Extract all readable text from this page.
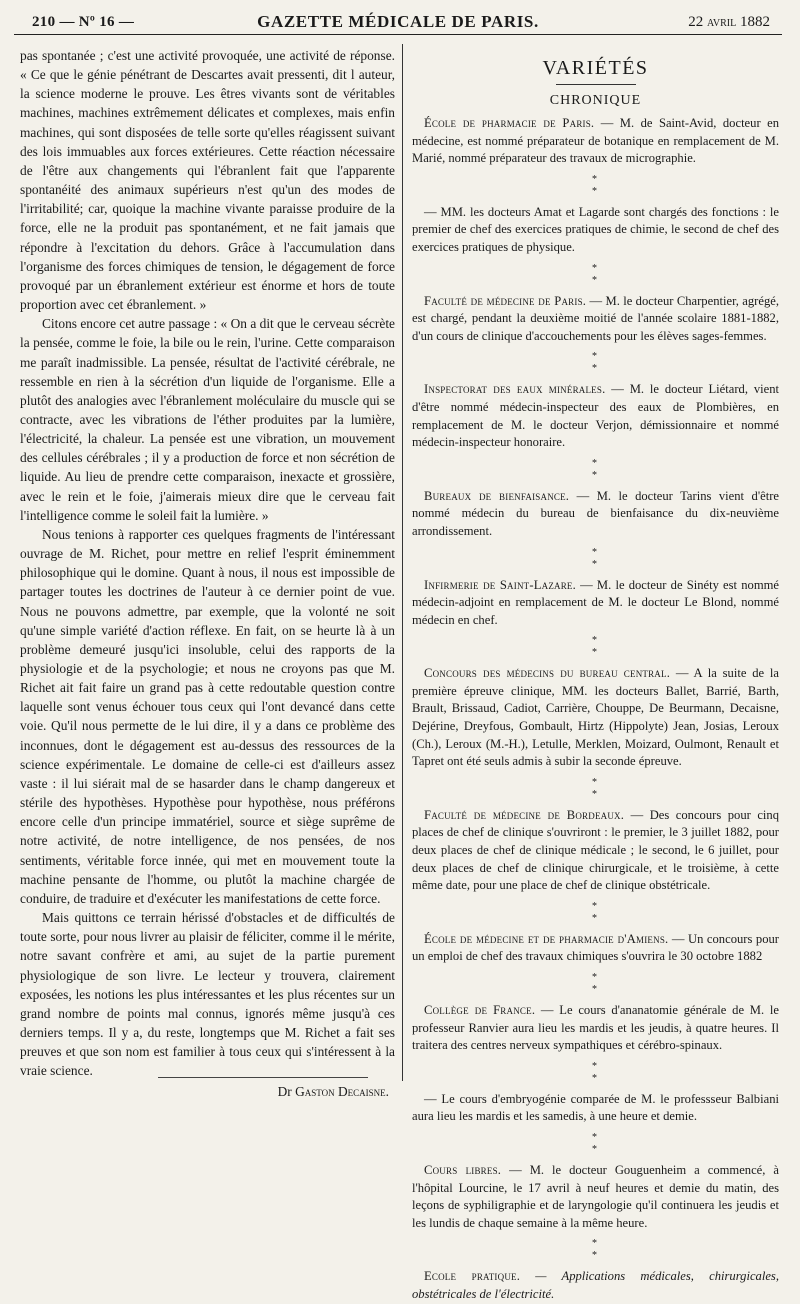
210 — Nº 16 —	GAZETTE MÉDICALE DE PARIS.	22 avril 1882

pas spontanée ; c'est une activité provoquée, une activité de réponse. « Ce que le génie pénétrant de Descartes avait pressenti, dit l auteur, la science moderne le prouve. Les êtres vivants sont de véritables machines, machines extrêmement délicates et complexes, mais enfin machines, qui sont disposées de telle sorte qu'elles réagissent suivant des lois immuables aux forces extérieures. Cette réaction nécessaire de l'être aux changements qui l'ébranlent fait que l'apparente spontanéité des animaux supérieurs n'est qu'un des modes de l'irritabilité; car, quoique la machine vivante paraisse produire de la force, elle ne la produit pas spontanément, et ne fait jamais que répondre à l'excitation du dehors. Grâce à l'accumulation dans l'organisme des forces chimiques de tension, le dégagement de force provoqué par un ébranlement extérieur est énorme et hors de toute proportion avec cet ébranlement. »

Citons encore cet autre passage : « On a dit que le cerveau sécrète la pensée, comme le foie, la bile ou le rein, l'urine. Cette comparaison me paraît inadmissible. La pensée, résultat de l'activité cérébrale, ne ressemble en rien à la sécrétion d'un liquide de l'organisme. Elle a plutôt des analogies avec l'ébranlement moléculaire du muscle qui se contracte, avec les vibrations de l'éther produites par la lumière, l'électricité, la chaleur. La pensée est une vibration, un mouvement des cellules cérébrales ; il y a production de force et non sécrétion de liquide. Au lieu de prendre cette comparaison, inexacte et grossière, avec le rein et le foie, j'aimerais mieux dire que le cerveau fait l'intelligence comme le soleil fait la lumière. »

Nous tenions à rapporter ces quelques fragments de l'intéressant ouvrage de M. Richet, pour mettre en relief l'esprit éminemment philosophique qui le domine. Quant à nous, il nous est impossible de partager toutes les doctrines de l'auteur à ce dernier point de vue. Nous ne pouvons admettre, par exemple, que la volonté ne soit qu'une simple variété d'action réflexe. En fait, on se heurte là à un problème demeuré jusqu'ici insoluble, celui des rapports de la physiologie et de la psychologie; et nous ne croyons pas que M. Richet ait fait faire un grand pas à cette redoutable question contre laquelle sont venus échouer tous ceux qui l'ont devancé dans cette voie. Qu'il nous permette de le lui dire, il y a dans ce problème des inconnues, dont le dégagement est au-dessus des ressources de la science expérimentale. Le domaine de celle-ci est d'ailleurs assez vaste : il lui siérait mal de se hasarder dans le champ dangereux et stérile des hypothèses. Hypothèse pour hypothèse, nous préférons encore celle d'un principe immatériel, source et siège suprême de notre activité, de notre intelligence, de nos pensées, de nos sentiments, véritable force innée, qui met en mouvement toute la machine pensante de l'homme, ou plutôt la machine chargée de conduire, de traduire et d'exécuter les manifestations de cette force.

Mais quittons ce terrain hérissé d'obstacles et de difficultés de toute sorte, pour nous livrer au plaisir de féliciter, comme il le mérite, notre savant confrère et ami, au sujet de la partie purement physiologique de son livre. Le lecteur y trouvera, clairement exposées, les notions les plus intéressantes et les plus récentes sur un grand nombre de points mal connus, ignorés même jusqu'à ces derniers temps. Il y a, du reste, longtemps que M. Richet a fait ses preuves et que son nom est familier à tous ceux qui s'intéressent à la vraie science.

Dr Gaston Decaisne.

VARIÉTÉS
CHRONIQUE

École de pharmacie de Paris. — M. de Saint-Avid, docteur en médecine, est nommé préparateur de botanique en remplacement de M. Marié, nommé préparateur des travaux de micrographie.

*
*

— MM. les docteurs Amat et Lagarde sont chargés des fonctions : le premier de chef des exercices pratiques de chimie, le second de chef des exercices pratiques de physique.

*
*

Faculté de médecine de Paris. — M. le docteur Charpentier, agrégé, est chargé, pendant la deuxième moitié de l'année scolaire 1881-1882, d'un cours de clinique d'accouchements pour les élèves sages-femmes.

*
*

Inspectorat des eaux minérales. — M. le docteur Liétard, vient d'être nommé médecin-inspecteur des eaux de Plombières, en remplacement de M. le docteur Verjon, démissionnaire et nommé médecin-inspecteur honoraire.

*
*

Bureaux de bienfaisance. — M. le docteur Tarins vient d'être nommé médecin du bureau de bienfaisance du dix-neuvième arrondissement.

*
*

Infirmerie de Saint-Lazare. — M. le docteur de Sinéty est nommé médecin-adjoint en remplacement de M. le docteur Le Blond, nommé médecin en chef.

*
*

Concours des médecins du bureau central. — A la suite de la première épreuve clinique, MM. les docteurs Ballet, Barrié, Barth, Brault, Brissaud, Cadiot, Carrière, Chouppe, De Beurmann, Decaisne, Dejérine, Dreyfous, Gombault, Hirtz (Hippolyte) Jean, Josias, Leroux (Ch.), Leroux (M.-H.), Letulle, Merklen, Moizard, Oulmont, Renault et Tapret ont été seuls admis à subir la seconde épreuve.

*
*

Faculté de médecine de Bordeaux. — Des concours pour cinq places de chef de clinique s'ouvriront : le premier, le 3 juillet 1882, pour deux places de chef de clinique médicale ; le second, le 6 juillet, pour deux places de chef de clinique chirurgicale, et le troisième, à cette même date, pour une place de chef de clinique obstétricale.

*
*

École de médecine et de pharmacie d'Amiens. — Un concours pour un emploi de chef des travaux chimiques s'ouvrira le 30 octobre 1882

*
*

Collège de France. — Le cours d'ananatomie générale de M. le professeur Ranvier aura lieu les mardis et les jeudis, à quatre heures. Il traitera des centres nerveux sympathiques et cérébro-spinaux.

*
*

— Le cours d'embryogénie comparée de M. le professseur Balbiani aura lieu les mardis et les samedis, à une heure et demie.

*
*

Cours libres. — M. le docteur Gouguenheim a commencé, à l'hôpital Lourcine, le 17 avril à neuf heures et demie du matin, des leçons de syphiligraphie et de laryngologie qu'il continuera les jeudis et les lundis de chaque semaine à la même heure.

*
*

Ecole pratique. — Applications médicales, chirurgicales, obstétricales de l'électricité.
